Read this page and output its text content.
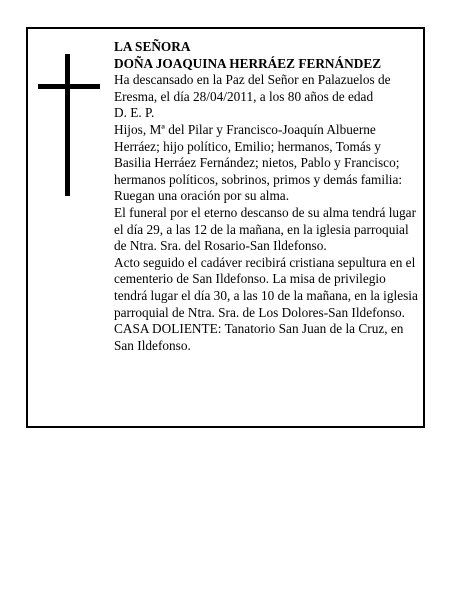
LA SEÑORA

DOÑA JOAQUINA HERRÁEZ FERNÁNDEZ

Ha descansado en la Paz del Señor en Palazuelos de Eresma, el día 28/04/2011, a los 80 años de edad

D. E. P.

Hijos, Mª del Pilar y Francisco-Joaquín Albuerne Herráez; hijo político, Emilio; hermanos, Tomás y Basilia Herráez Fernández; nietos, Pablo y Francisco; hermanos políticos, sobrinos, primos y demás familia:

Ruegan una oración por su alma.

El funeral por el eterno descanso de su alma tendrá lugar el día 29, a las 12 de la mañana, en la iglesia parroquial de Ntra. Sra. del Rosario-San Ildefonso.

Acto seguido el cadáver recibirá cristiana sepultura en el cementerio de San Ildefonso. La misa de privilegio tendrá lugar el día 30, a las 10 de la mañana, en la iglesia parroquial de Ntra. Sra. de Los Dolores-San Ildefonso.

CASA DOLIENTE: Tanatorio San Juan de la Cruz, en San Ildefonso.
